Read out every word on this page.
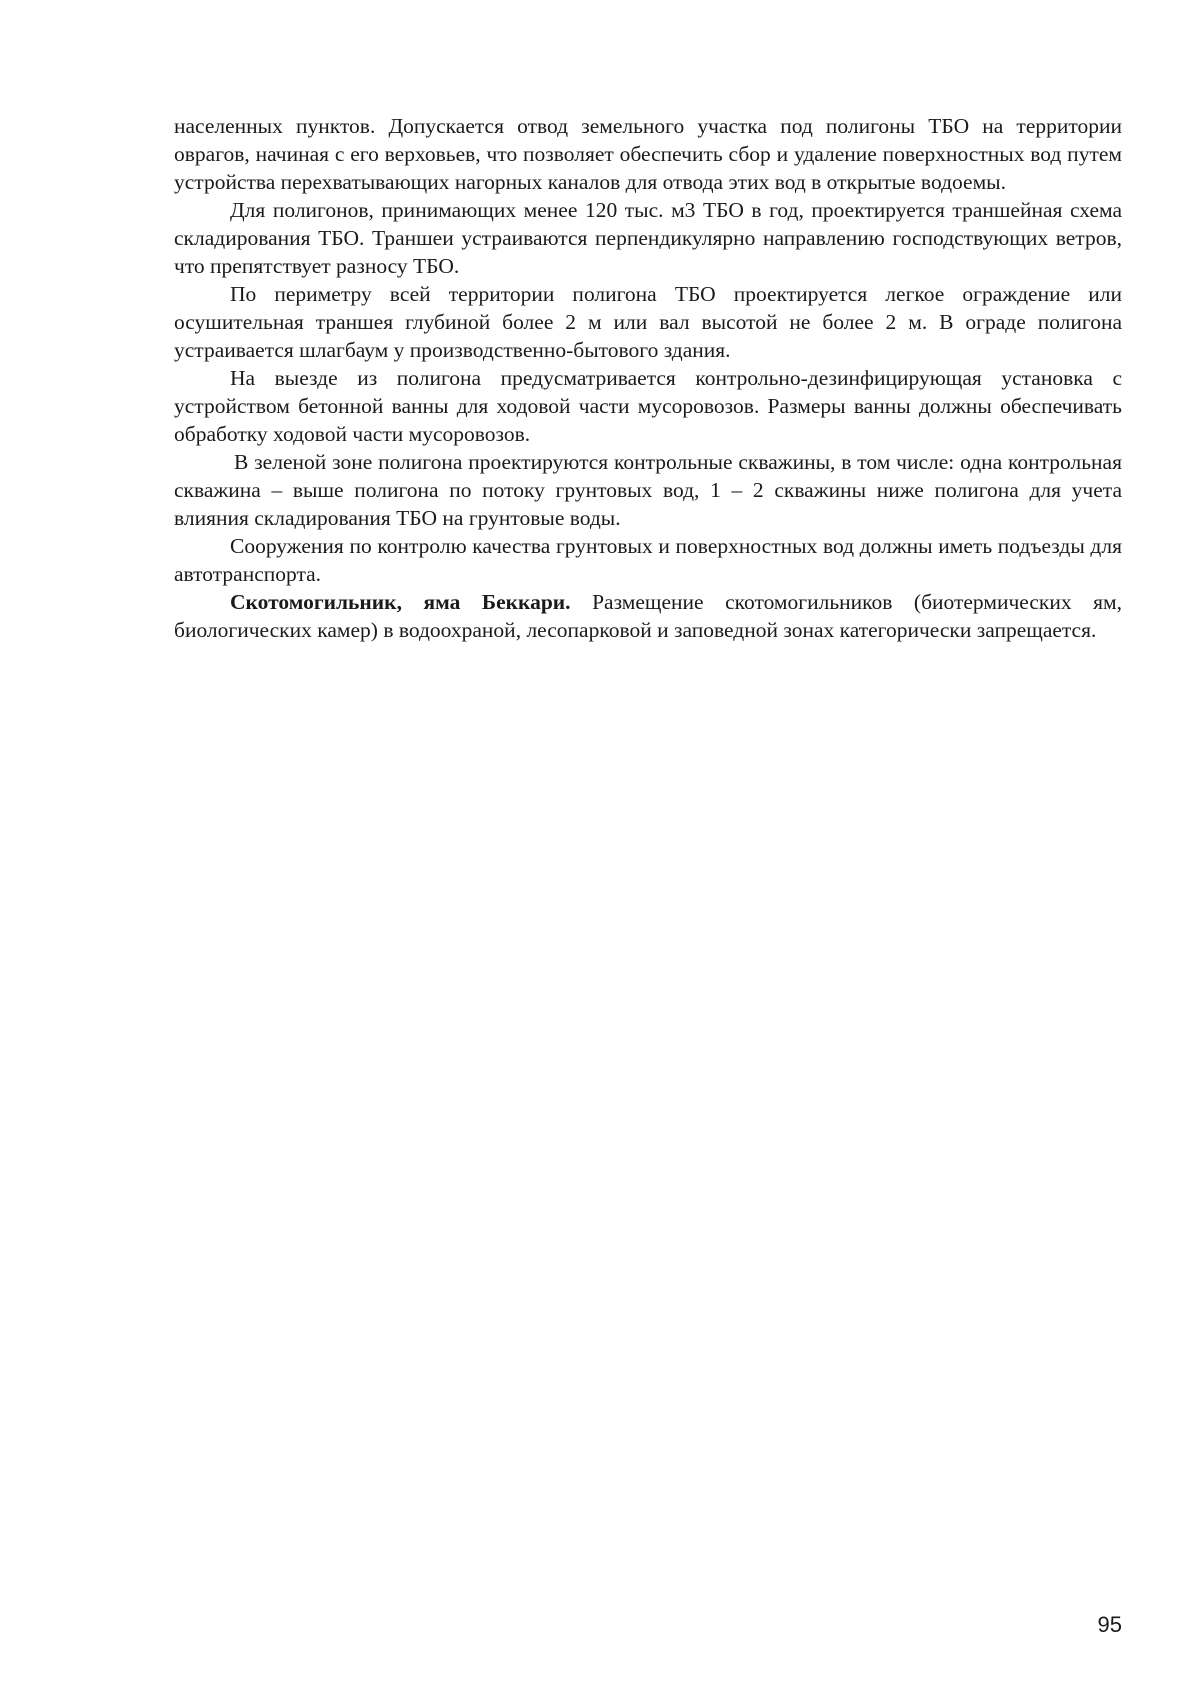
населенных пунктов. Допускается отвод земельного участка под полигоны ТБО на территории оврагов, начиная с его верховьев, что позволяет обеспечить сбор и удаление поверхностных вод путем устройства перехватывающих нагорных каналов для отвода этих вод в открытые водоемы.

Для полигонов, принимающих менее 120 тыс. м3 ТБО в год, проектируется траншейная схема складирования ТБО. Траншеи устраиваются перпендикулярно направлению господствующих ветров, что препятствует разносу ТБО.

По периметру всей территории полигона ТБО проектируется легкое ограждение или осушительная траншея глубиной более 2 м или вал высотой не более 2 м. В ограде полигона устраивается шлагбаум у производственно-бытового здания.

На выезде из полигона предусматривается контрольно-дезинфицирующая установка с устройством бетонной ванны для ходовой части мусоровозов. Размеры ванны должны обеспечивать обработку ходовой части мусоровозов.

В зеленой зоне полигона проектируются контрольные скважины, в том числе: одна контрольная скважина – выше полигона по потоку грунтовых вод, 1 – 2 скважины ниже полигона для учета влияния складирования ТБО на грунтовые воды.

Сооружения по контролю качества грунтовых и поверхностных вод должны иметь подъезды для автотранспорта.

Скотомогильник, яма Беккари. Размещение скотомогильников (биотермических ям, биологических камер) в водоохраной, лесопарковой и заповедной зонах категорически запрещается.

95
